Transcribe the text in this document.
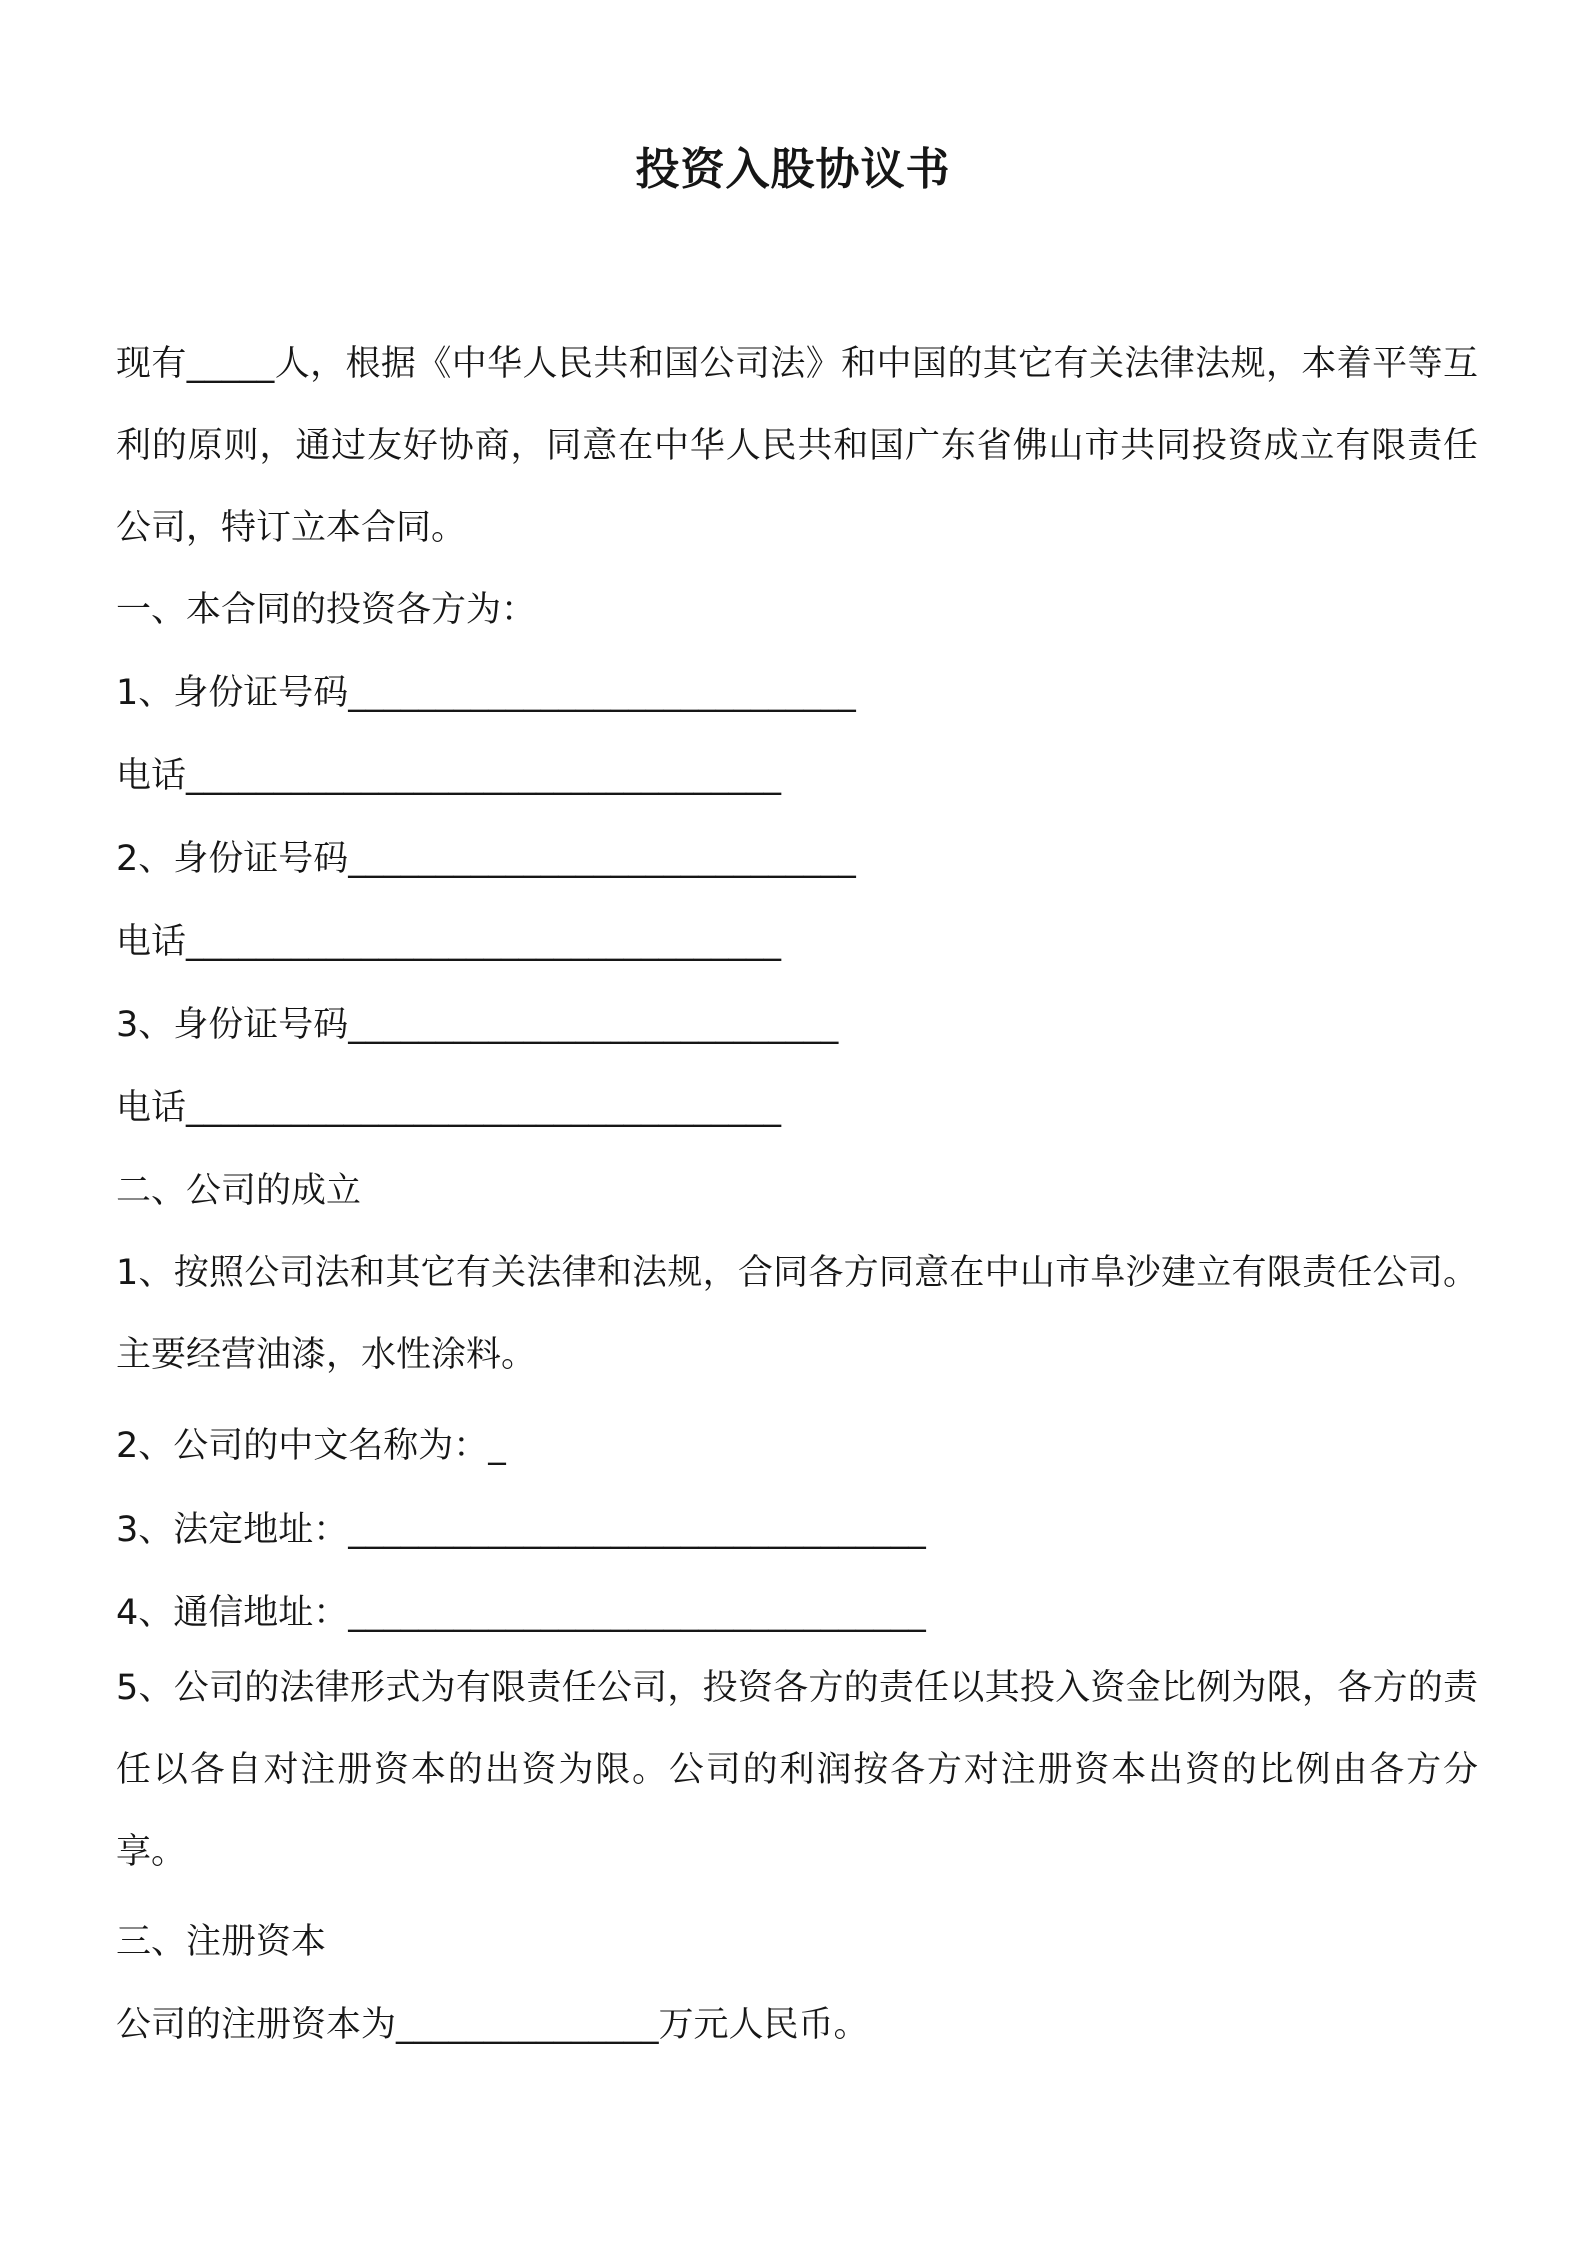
投资入股协议书

现有_____人，根据《中华人民共和国公司法》和中国的其它有关法律法规，本着平等互利的原则，通过友好协商，同意在中华人民共和国广东省佛山市共同投资成立有限责任公司，特订立本合同。

一、本合同的投资各方为：

1、身份证号码_____________________________

电话__________________________________

2、身份证号码_____________________________

电话__________________________________

3、身份证号码____________________________

电话__________________________________

二、公司的成立

1、按照公司法和其它有关法律和法规，合同各方同意在中山市阜沙建立有限责任公司。主要经营油漆，水性涂料。

2、公司的中文名称为：_

3、法定地址：_________________________________

4、通信地址：_________________________________

5、公司的法律形式为有限责任公司，投资各方的责任以其投入资金比例为限，各方的责任以各自对注册资本的出资为限。公司的利润按各方对注册资本出资的比例由各方分享。

三、注册资本

公司的注册资本为_______________万元人民币。
